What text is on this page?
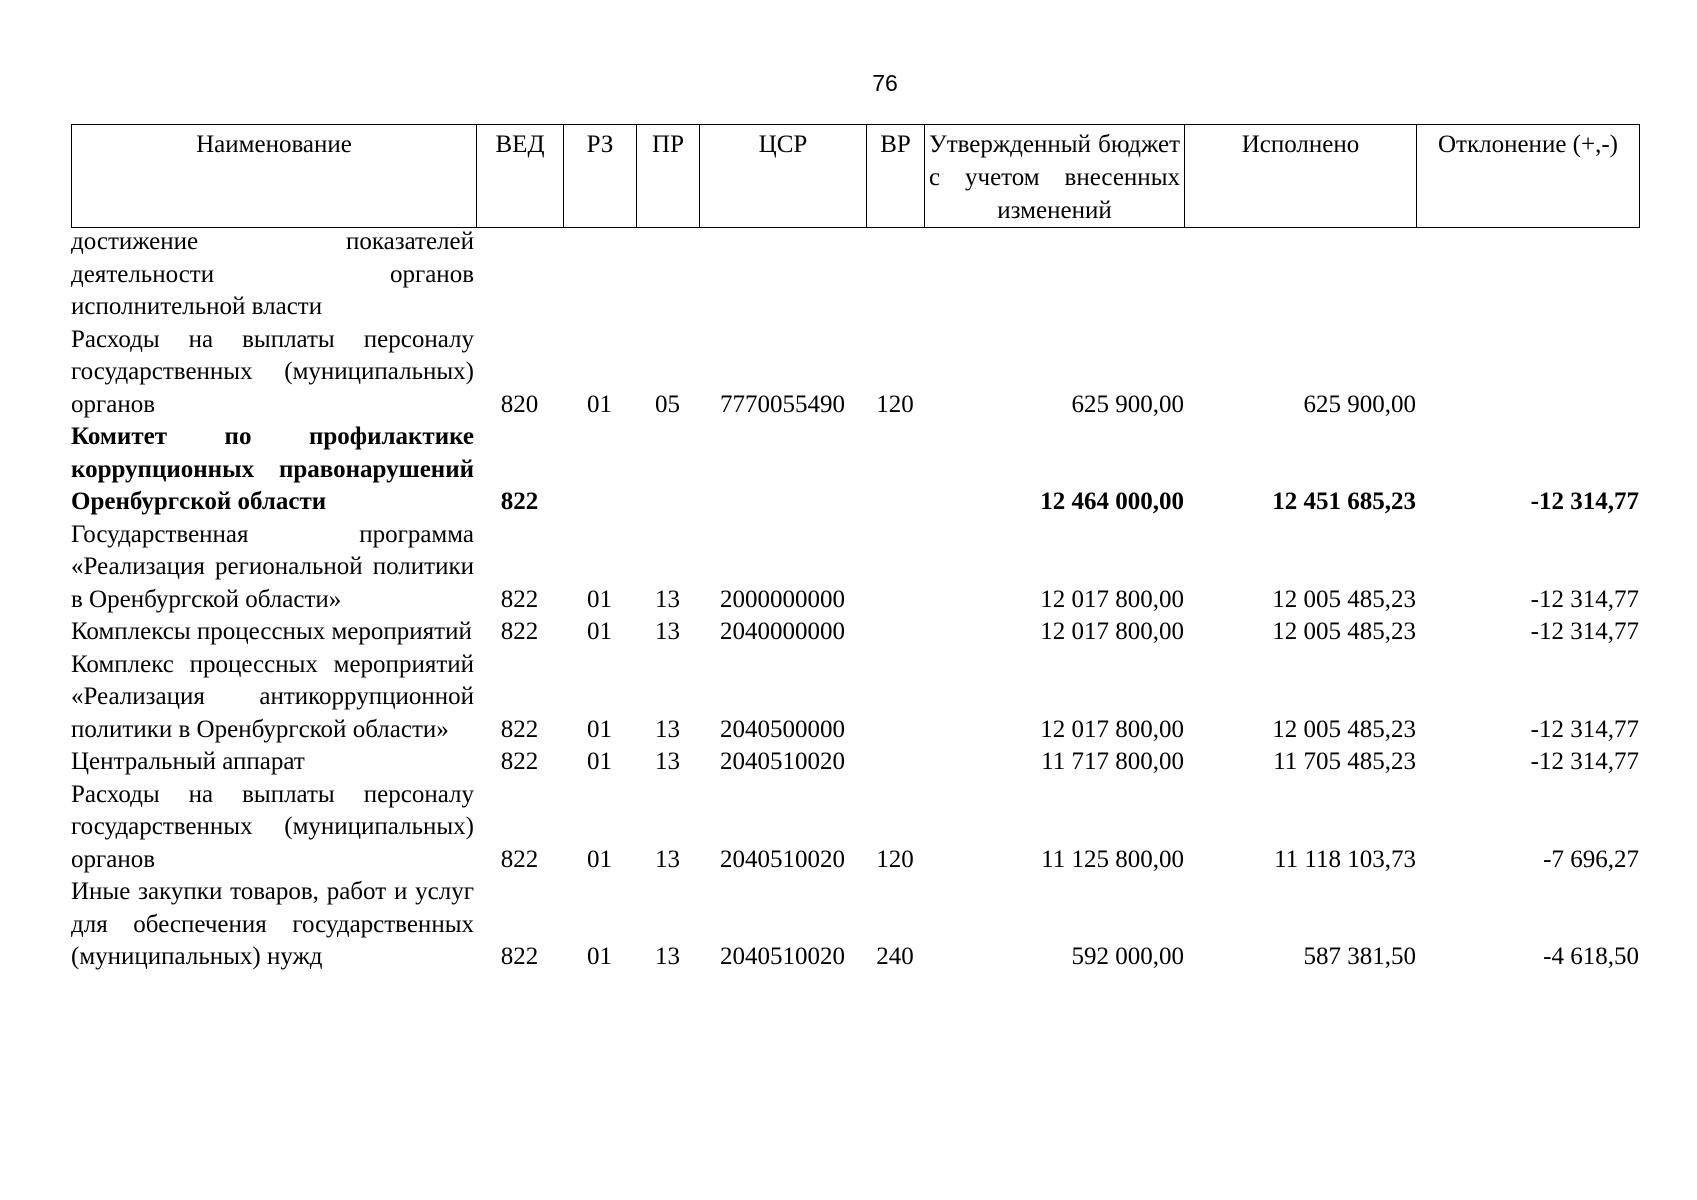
76
Наименование	ВЕД	РЗ	ПР	ЦСР	ВР	Утвержденный бюджет с учетом внесенных изменений	Исполнено	Отклонение (+,-)
достижение показателей деятельности органов исполнительной власти								
Расходы на выплаты персоналу государственных (муниципальных) органов	820	01	05	7770055490	120	625 900,00	625 900,00	
Комитет по профилактике коррупционных правонарушений Оренбургской области	822					12 464 000,00	12 451 685,23	-12 314,77
Государственная программа «Реализация региональной политики в Оренбургской области»	822	01	13	2000000000		12 017 800,00	12 005 485,23	-12 314,77
Комплексы процессных мероприятий	822	01	13	2040000000		12 017 800,00	12 005 485,23	-12 314,77
Комплекс процессных мероприятий «Реализация антикоррупционной политики в Оренбургской области»	822	01	13	2040500000		12 017 800,00	12 005 485,23	-12 314,77
Центральный аппарат	822	01	13	2040510020		11 717 800,00	11 705 485,23	-12 314,77
Расходы на выплаты персоналу государственных (муниципальных) органов	822	01	13	2040510020	120	11 125 800,00	11 118 103,73	-7 696,27
Иные закупки товаров, работ и услуг для обеспечения государственных (муниципальных) нужд	822	01	13	2040510020	240	592 000,00	587 381,50	-4 618,50
